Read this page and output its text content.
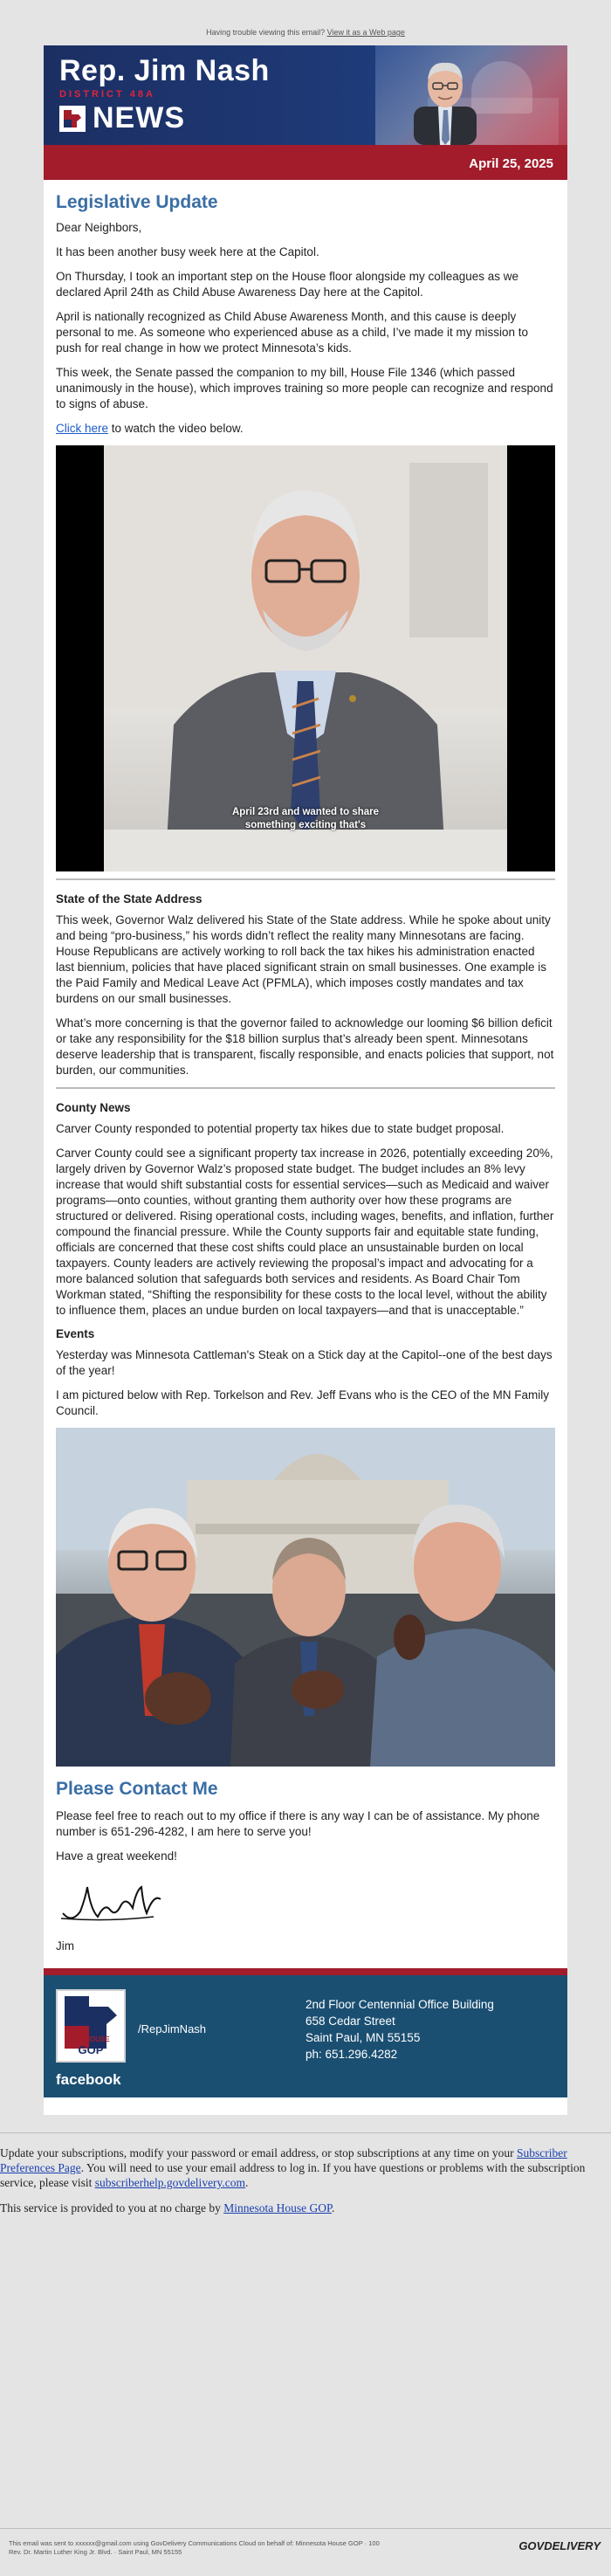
Having trouble viewing this email? View it as a Web page
Rep. Jim Nash
DISTRICT 48A
NEWS
April 25, 2025
Legislative Update

Dear Neighbors,

It has been another busy week here at the Capitol.

On Thursday, I took an important step on the House floor alongside my colleagues as we declared April 24th as Child Abuse Awareness Day here at the Capitol.

April is nationally recognized as Child Abuse Awareness Month, and this cause is deeply personal to me. As someone who experienced abuse as a child, I’ve made it my mission to push for real change in how we protect Minnesota’s kids.

This week, the Senate passed the companion to my bill, House File 1346 (which passed unanimously in the house), which improves training so more people can recognize and respond to signs of abuse.

Click here to watch the video below.

April 23rd and wanted to share
something exciting that's
State of the State Address

This week, Governor Walz delivered his State of the State address. While he spoke about unity and being “pro-business,” his words didn’t reflect the reality many Minnesotans are facing. House Republicans are actively working to roll back the tax hikes his administration enacted last biennium, policies that have placed significant strain on small businesses. One example is the Paid Family and Medical Leave Act (PFMLA), which imposes costly mandates and tax burdens on our small businesses.

What’s more concerning is that the governor failed to acknowledge our looming $6 billion deficit or take any responsibility for the $18 billion surplus that’s already been spent. Minnesotans deserve leadership that is transparent, fiscally responsible, and enacts policies that support, not burden, our communities.

County News

Carver County responded to potential property tax hikes due to state budget proposal.

Carver County could see a significant property tax increase in 2026, potentially exceeding 20%, largely driven by Governor Walz’s proposed state budget. The budget includes an 8% levy increase that would shift substantial costs for essential services—such as Medicaid and waiver programs—onto counties, without granting them authority over how these programs are structured or delivered. Rising operational costs, including wages, benefits, and inflation, further compound the financial pressure. While the County supports fair and equitable state funding, officials are concerned that these cost shifts could place an unsustainable burden on local taxpayers. County leaders are actively reviewing the proposal’s impact and advocating for a more balanced solution that safeguards both services and residents. As Board Chair Tom Workman stated, “Shifting the responsibility for these costs to the local level, without the ability to influence them, places an undue burden on local taxpayers—and that is unacceptable.”

Events

Yesterday was Minnesota Cattleman's Steak on a Stick day at the Capitol--one of the best days of the year!

I am pictured below with Rep. Torkelson and Rev. Jeff Evans who is the CEO of the MN Family Council.

Please Contact Me

Please feel free to reach out to my office if there is any way I can be of assistance. My phone number is 651-296-4282, I am here to serve you!

Have a great weekend!

Jim

MN HOUSE
GOP
facebook
/RepJimNash
2nd Floor Centennial Office Building
658 Cedar Street
Saint Paul, MN 55155
ph: 651.296.4282

Update your subscriptions, modify your password or email address, or stop subscriptions at any time on your Subscriber Preferences Page. You will need to use your email address to log in. If you have questions or problems with the subscription service, please visit subscriberhelp.govdelivery.com.

This service is provided to you at no charge by Minnesota House GOP.

This email was sent to xxxxxx@gmail.com using GovDelivery Communications Cloud on behalf of: Minnesota House GOP · 100
Rev. Dr. Martin Luther King Jr. Blvd. · Saint Paul, MN 55155	GOVDELIVERY
